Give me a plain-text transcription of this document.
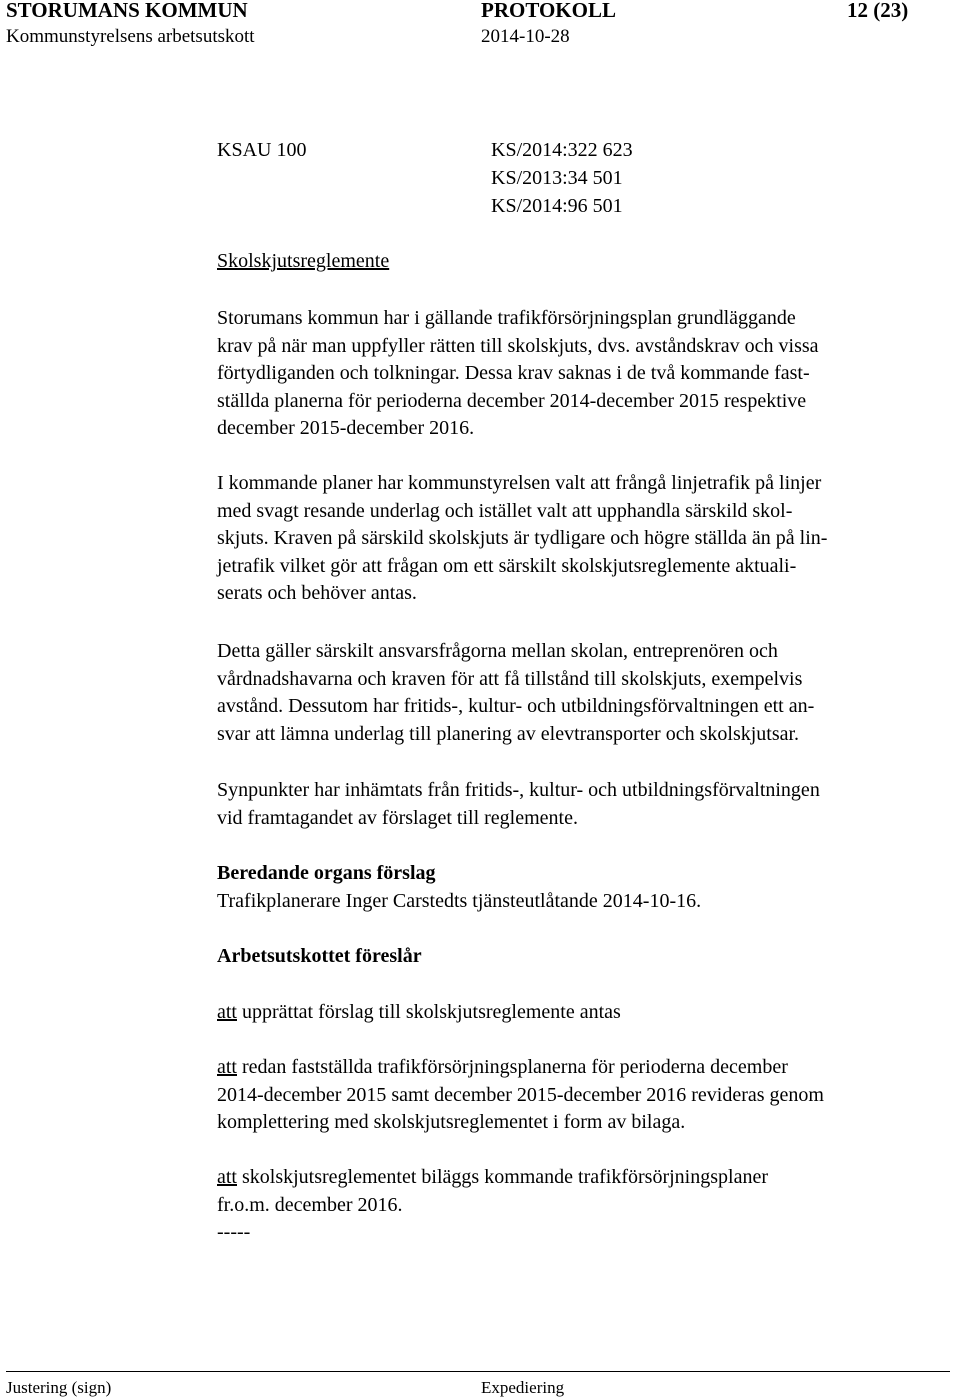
STORUMANS KOMMUN	PROTOKOLL	12 (23)
Kommunstyrelsens arbetsutskott	2014-10-28
KSAU 100	KS/2014:322 623
KS/2013:34 501
KS/2014:96 501
Skolskjutsreglemente
Storumans kommun har i gällande trafikförsörjningsplan grundläggande
krav på när man uppfyller rätten till skolskjuts, dvs. avståndskrav och vissa
förtydliganden och tolkningar. Dessa krav saknas i de två kommande fast-
ställda planerna för perioderna december 2014-december 2015 respektive
december 2015-december 2016.
I kommande planer har kommunstyrelsen valt att frångå linjetrafik på linjer
med svagt resande underlag och istället valt att upphandla särskild skol-
skjuts. Kraven på särskild skolskjuts är tydligare och högre ställda än på lin-
jetrafik vilket gör att frågan om ett särskilt skolskjutsreglemente aktuali-
serats och behöver antas.
Detta gäller särskilt ansvarsfrågorna mellan skolan, entreprenören och
vårdnadshavarna och kraven för att få tillstånd till skolskjuts, exempelvis
avstånd. Dessutom har fritids-, kultur- och utbildningsförvaltningen ett an-
svar att lämna underlag till planering av elevtransporter och skolskjutsar.
Synpunkter har inhämtats från fritids-, kultur- och utbildningsförvaltningen
vid framtagandet av förslaget till reglemente.
Beredande organs förslag
Trafikplanerare Inger Carstedts tjänsteutlåtande 2014-10-16.
Arbetsutskottet föreslår
att upprättat förslag till skolskjutsreglemente antas
att redan fastställda trafikförsörjningsplanerna för perioderna december
2014-december 2015 samt december 2015-december 2016 revideras genom
komplettering med skolskjutsreglementet i form av bilaga.
att skolskjutsreglementet biläggs kommande trafikförsörjningsplaner
fr.o.m. december 2016.
-----
Justering (sign)	Expediering
